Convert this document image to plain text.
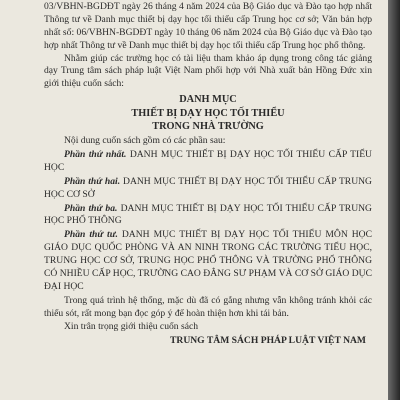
03/VBHN-BGDĐT ngày 26 tháng 4 năm 2024 của Bộ Giáo dục và Đào tạo hợp nhất Thông tư về Danh mục thiết bị dạy học tối thiểu cấp Trung học cơ sở; Văn bản hợp nhất số: 06/VBHN-BGDĐT ngày 10 tháng 06 năm 2024 của Bộ Giáo dục và Đào tạo hợp nhất Thông tư về Danh mục thiết bị dạy học tối thiểu cấp Trung học phổ thông.

Nhằm giúp các trường học có tài liệu tham khảo áp dụng trong công tác giảng dạy Trung tâm sách pháp luật Việt Nam phối hợp với Nhà xuất bản Hồng Đức xin giới thiệu cuốn sách:

DANH MỤC

THIẾT BỊ DẠY HỌC TỐI THIỂU

TRONG NHÀ TRƯỜNG

Nội dung cuốn sách gồm có các phần sau:

Phần thứ nhất. DANH MỤC THIẾT BỊ DẠY HỌC TỐI THIỂU CẤP TIỂU HỌC

Phần thứ hai. DANH MỤC THIẾT BỊ DẠY HỌC TỐI THIỂU CẤP TRUNG HỌC CƠ SỞ

Phần thứ ba. DANH MỤC THIẾT BỊ DẠY HỌC TỐI THIỂU CẤP TRUNG HỌC PHỔ THÔNG

Phần thứ tư. DANH MỤC THIẾT BỊ DẠY HỌC TỐI THIỂU MÔN HỌC GIÁO DỤC QUỐC PHÒNG VÀ AN NINH TRONG CÁC TRƯỜNG TIỂU HỌC, TRUNG HỌC CƠ SỞ, TRUNG HỌC PHỔ THÔNG VÀ TRƯỜNG PHỔ THÔNG CÓ NHIỀU CẤP HỌC, TRƯỜNG CAO ĐẲNG SƯ PHẠM VÀ CƠ SỞ GIÁO DỤC ĐẠI HỌC

Trong quá trình hệ thống, mặc dù đã có gắng nhưng vẫn không tránh khỏi các thiếu sót, rất mong bạn đọc góp ý để hoàn thiện hơn khi tái bản.

Xin trân trọng giới thiệu cuốn sách

TRUNG TÂM SÁCH PHÁP LUẬT VIỆT NAM
